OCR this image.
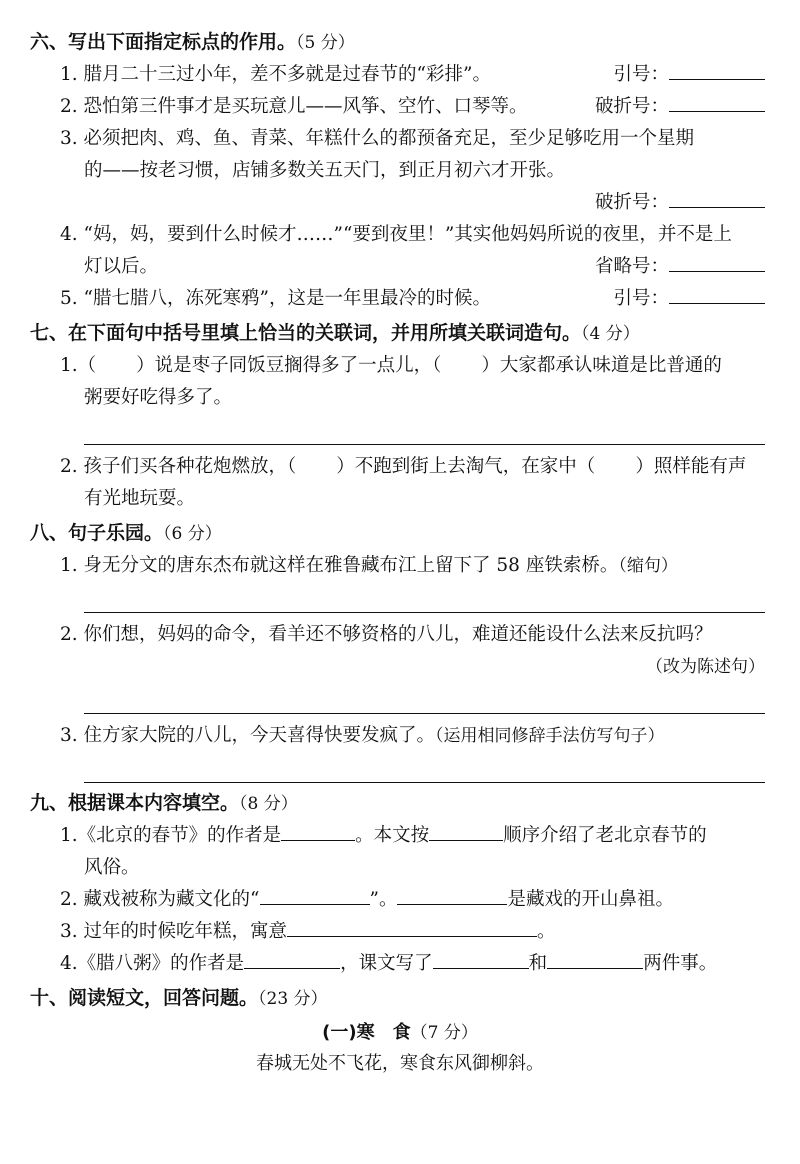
六、写出下面指定标点的作用。（5 分）
1. 腊月二十三过小年，差不多就是过春节的“彩排”。	引号：
2. 恐怕第三件事才是买玩意儿——风筝、空竹、口琴等。	破折号：
3. 必须把肉、鸡、鱼、青菜、年糕什么的都预备充足，至少足够吃用一个星期
的——按老习惯，店铺多数关五天门，到正月初六才开张。
破折号：
4. “妈，妈，要到什么时候才……”“要到夜里！”其实他妈妈所说的夜里，并不是上
灯以后。	省略号：
5. “腊七腊八，冻死寒鸦”，这是一年里最冷的时候。	引号：
七、在下面句中括号里填上恰当的关联词，并用所填关联词造句。（4 分）
1.（ ）说是枣子同饭豆搁得多了一点儿，（ ）大家都承认味道是比普通的
粥要好吃得多了。
2. 孩子们买各种花炮燃放，（ ）不跑到街上去淘气，在家中（ ）照样能有声
有光地玩耍。
八、句子乐园。（6 分）
1. 身无分文的唐东杰布就这样在雅鲁藏布江上留下了 58 座铁索桥。（缩句）
2. 你们想，妈妈的命令，看羊还不够资格的八儿，难道还能设什么法来反抗吗？
（改为陈述句）
3. 住方家大院的八儿，今天喜得快要发疯了。（运用相同修辞手法仿写句子）
九、根据课本内容填空。（8 分）
1.《北京的春节》的作者是	。本文按	顺序介绍了老北京春节的
风俗。
2. 藏戏被称为藏文化的“	”。	是藏戏的开山鼻祖。
3. 过年的时候吃年糕，寓意	。
4.《腊八粥》的作者是	，课文写了	和	两件事。
十、阅读短文，回答问题。（23 分）
(一)寒　食（7 分）
春城无处不飞花，寒食东风御柳斜。
